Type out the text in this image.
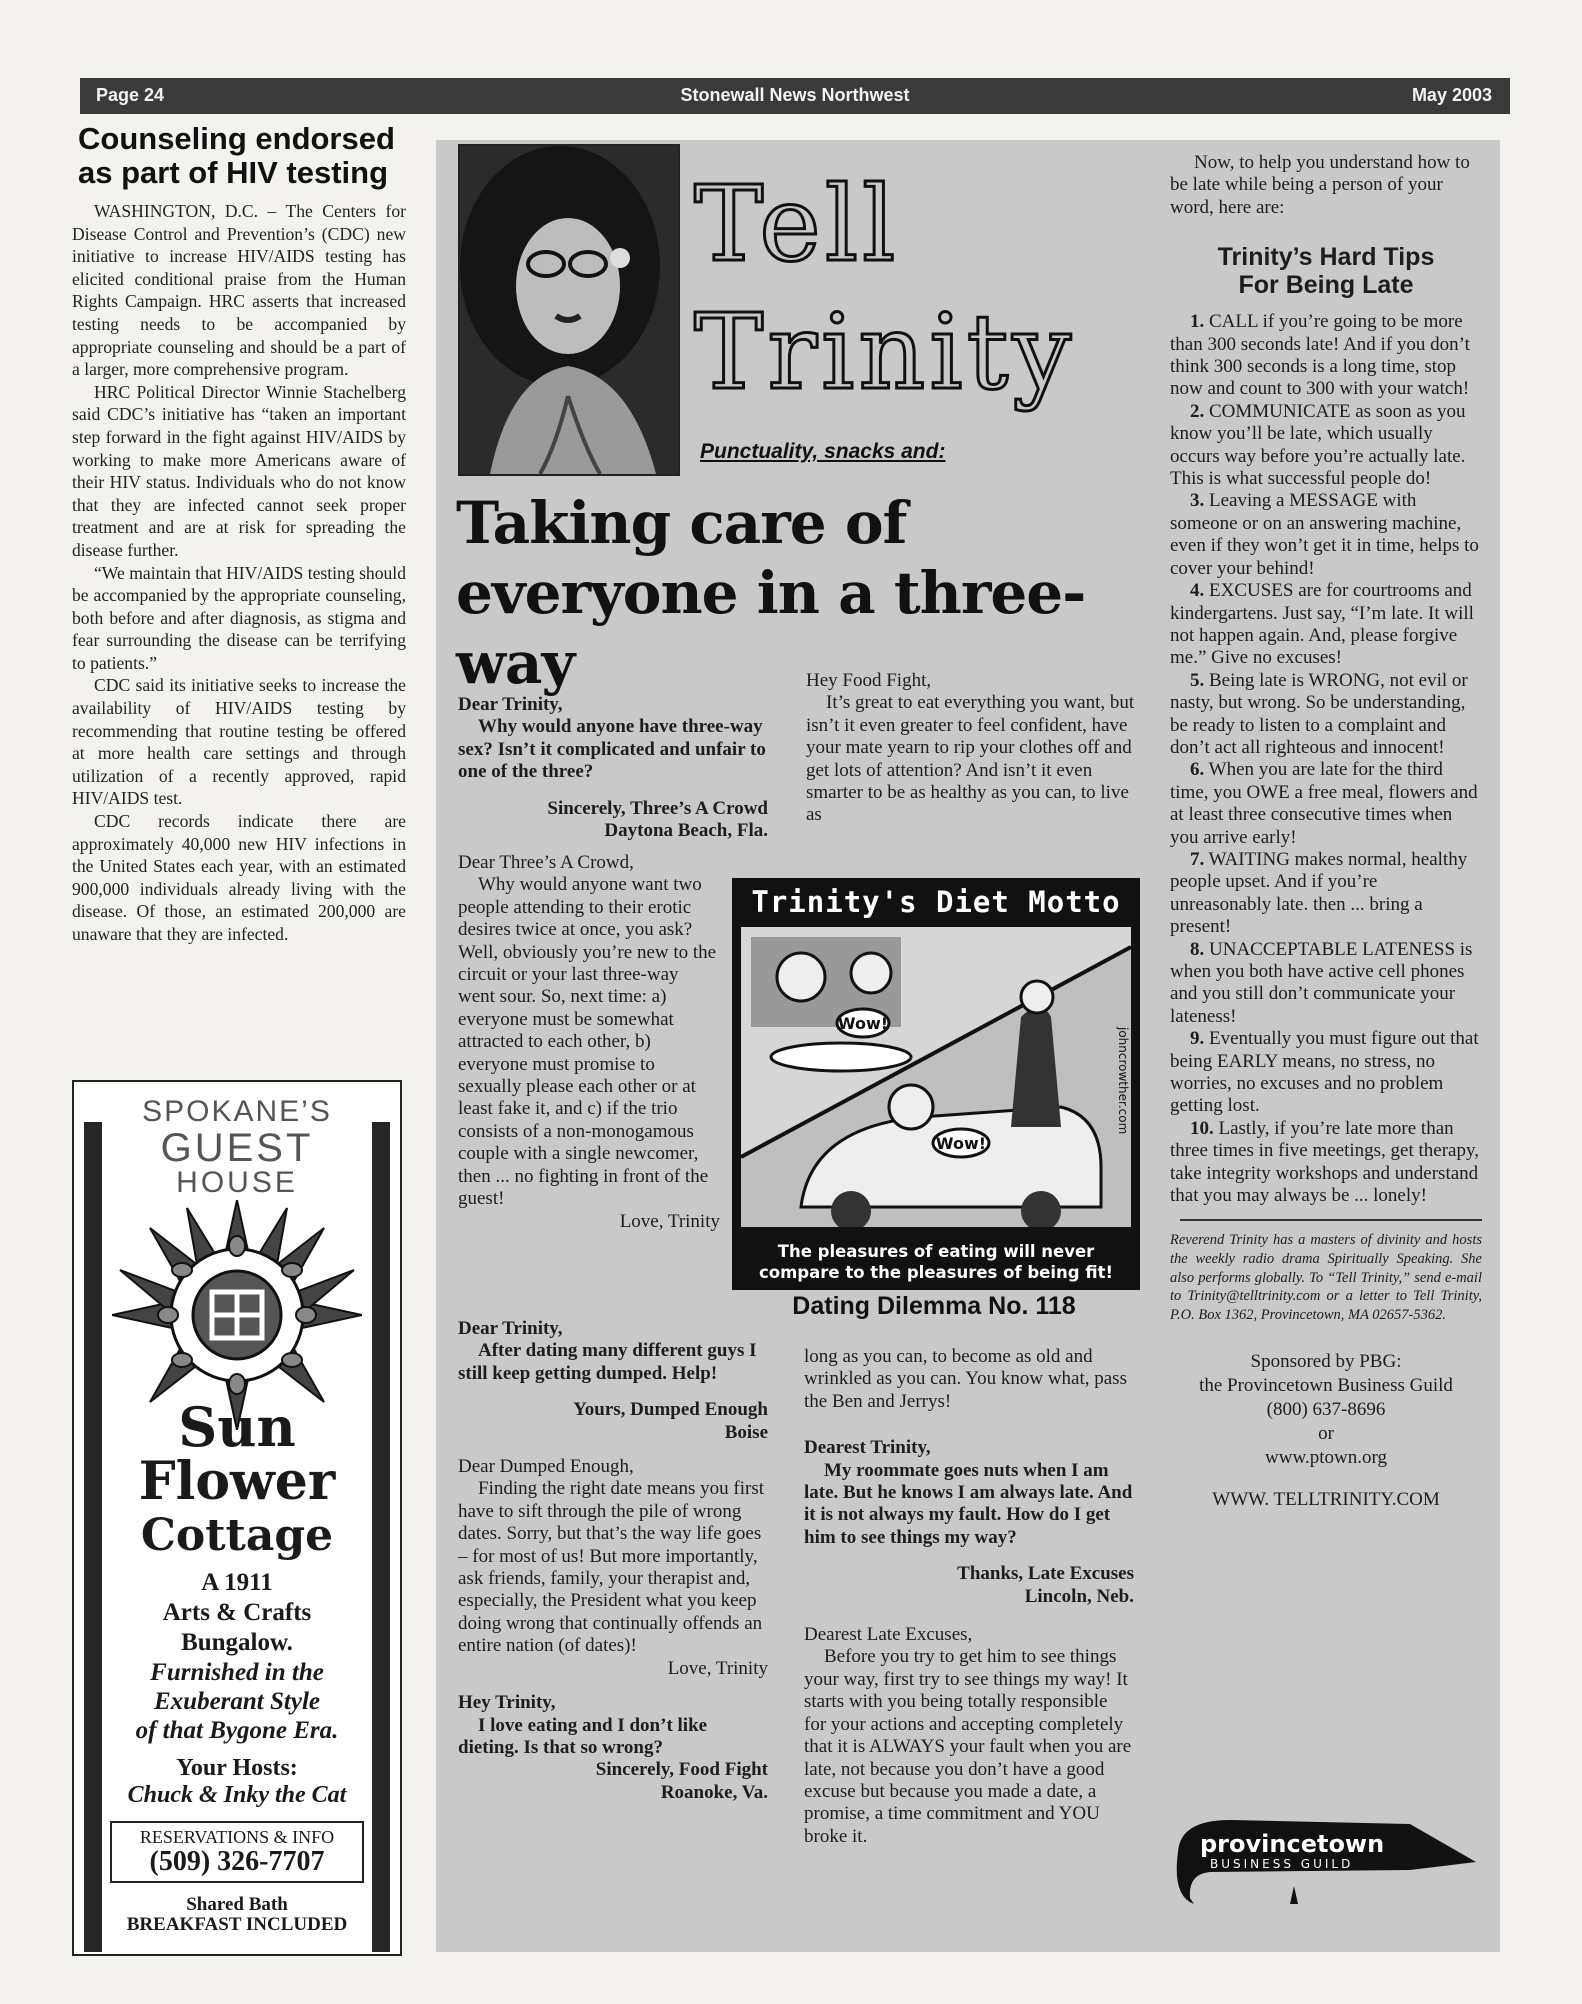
Page 24	Stonewall News Northwest	May 2003
Counseling endorsed as part of HIV testing

WASHINGTON, D.C. – The Centers for Disease Control and Prevention’s (CDC) new initiative to increase HIV/AIDS testing has elicited conditional praise from the Human Rights Campaign. HRC asserts that increased testing needs to be accompanied by appropriate counseling and should be a part of a larger, more comprehensive program.

HRC Political Director Winnie Stachelberg said CDC’s initiative has “taken an important step forward in the fight against HIV/AIDS by working to make more Americans aware of their HIV status. Individuals who do not know that they are infected cannot seek proper treatment and are at risk for spreading the disease further.

“We maintain that HIV/AIDS testing should be accompanied by the appropriate counseling, both before and after diagnosis, as stigma and fear surrounding the disease can be terrifying to patients.”

CDC said its initiative seeks to increase the availability of HIV/AIDS testing by recommending that routine testing be offered at more health care settings and through utilization of a recently approved, rapid HIV/AIDS test.

CDC records indicate there are approximately 40,000 new HIV infections in the United States each year, with an estimated 900,000 individuals already living with the disease. Of those, an estimated 200,000 are unaware that they are infected.

SPOKANE’S
GUEST
HOUSE
Sun
Flower
Cottage
A 1911
Arts & Crafts
Bungalow.
Furnished in the
Exuberant Style
of that Bygone Era.
Your Hosts:
Chuck & Inky the Cat
RESERVATIONS & INFO
(509) 326-7707
Shared Bath
BREAKFAST INCLUDED
Tell
Trinity
Punctuality, snacks and:
Taking care of everyone in a three-way

Dear Trinity,

Why would anyone have three-way sex? Isn’t it complicated and unfair to one of the three?

Sincerely, Three’s A Crowd

Daytona Beach, Fla.

Dear Three’s A Crowd,

Why would anyone want two people attending to their erotic desires twice at once, you ask? Well, obviously you’re new to the circuit or your last three-way went sour. So, next time: a) everyone must be somewhat attracted to each other, b) everyone must promise to sexually please each other or at least fake it, and c) if the trio consists of a non-monogamous couple with a single newcomer, then ... no fighting in front of the guest!

Love, Trinity

Dear Trinity,

After dating many different guys I still keep getting dumped. Help!

Yours, Dumped Enough

Boise

Dear Dumped Enough,

Finding the right date means you first have to sift through the pile of wrong dates. Sorry, but that’s the way life goes – for most of us! But more importantly, ask friends, family, your therapist and, especially, the President what you keep doing wrong that continually offends an entire nation (of dates)!

Love, Trinity

Hey Trinity,

I love eating and I don’t like dieting. Is that so wrong?

Sincerely, Food Fight

Roanoke, Va.

Hey Food Fight,

It’s great to eat everything you want, but isn’t it even greater to feel confident, have your mate yearn to rip your clothes off and get lots of attention? And isn’t it even smarter to be as healthy as you can, to live as

Trinity's Diet Motto
Wow!
Wow!
johncrowther.com
The pleasures of eating will never compare to the pleasures of being fit!
Dating Dilemma No. 118

long as you can, to become as old and wrinkled as you can. You know what, pass the Ben and Jerrys!

Dearest Trinity,

My roommate goes nuts when I am late. But he knows I am always late. And it is not always my fault. How do I get him to see things my way?

Thanks, Late Excuses

Lincoln, Neb.

Dearest Late Excuses,

Before you try to get him to see things your way, first try to see things my way! It starts with you being totally responsible for your actions and accepting completely that it is ALWAYS your fault when you are late, not because you don’t have a good excuse but because you made a date, a promise, a time commitment and YOU broke it.

Now, to help you understand how to be late while being a person of your word, here are:

Trinity’s Hard Tips
For Being Late

1. CALL if you’re going to be more than 300 seconds late! And if you don’t think 300 seconds is a long time, stop now and count to 300 with your watch!

2. COMMUNICATE as soon as you know you’ll be late, which usually occurs way before you’re actually late. This is what successful people do!

3. Leaving a MESSAGE with someone or on an answering machine, even if they won’t get it in time, helps to cover your behind!

4. EXCUSES are for courtrooms and kindergartens. Just say, “I’m late. It will not happen again. And, please forgive me.” Give no excuses!

5. Being late is WRONG, not evil or nasty, but wrong. So be understanding, be ready to listen to a complaint and don’t act all righteous and innocent!

6. When you are late for the third time, you OWE a free meal, flowers and at least three consecutive times when you arrive early!

7. WAITING makes normal, healthy people upset. And if you’re unreasonably late. then ... bring a present!

8. UNACCEPTABLE LATENESS is when you both have active cell phones and you still don’t communicate your lateness!

9. Eventually you must figure out that being EARLY means, no stress, no worries, no excuses and no problem getting lost.

10. Lastly, if you’re late more than three times in five meetings, get therapy, take integrity workshops and understand that you may always be ... lonely!

Reverend Trinity has a masters of divinity and hosts the weekly radio drama Spiritually Speaking. She also performs globally. To “Tell Trinity,” send e-mail to Trinity@telltrinity.com or a letter to Tell Trinity, P.O. Box 1362, Provincetown, MA 02657-5362.

Sponsored by PBG:

the Provincetown Business Guild

(800) 637-8696

or

www.ptown.org

WWW. TELLTRINITY.COM

provincetown
BUSINESS GUILD
